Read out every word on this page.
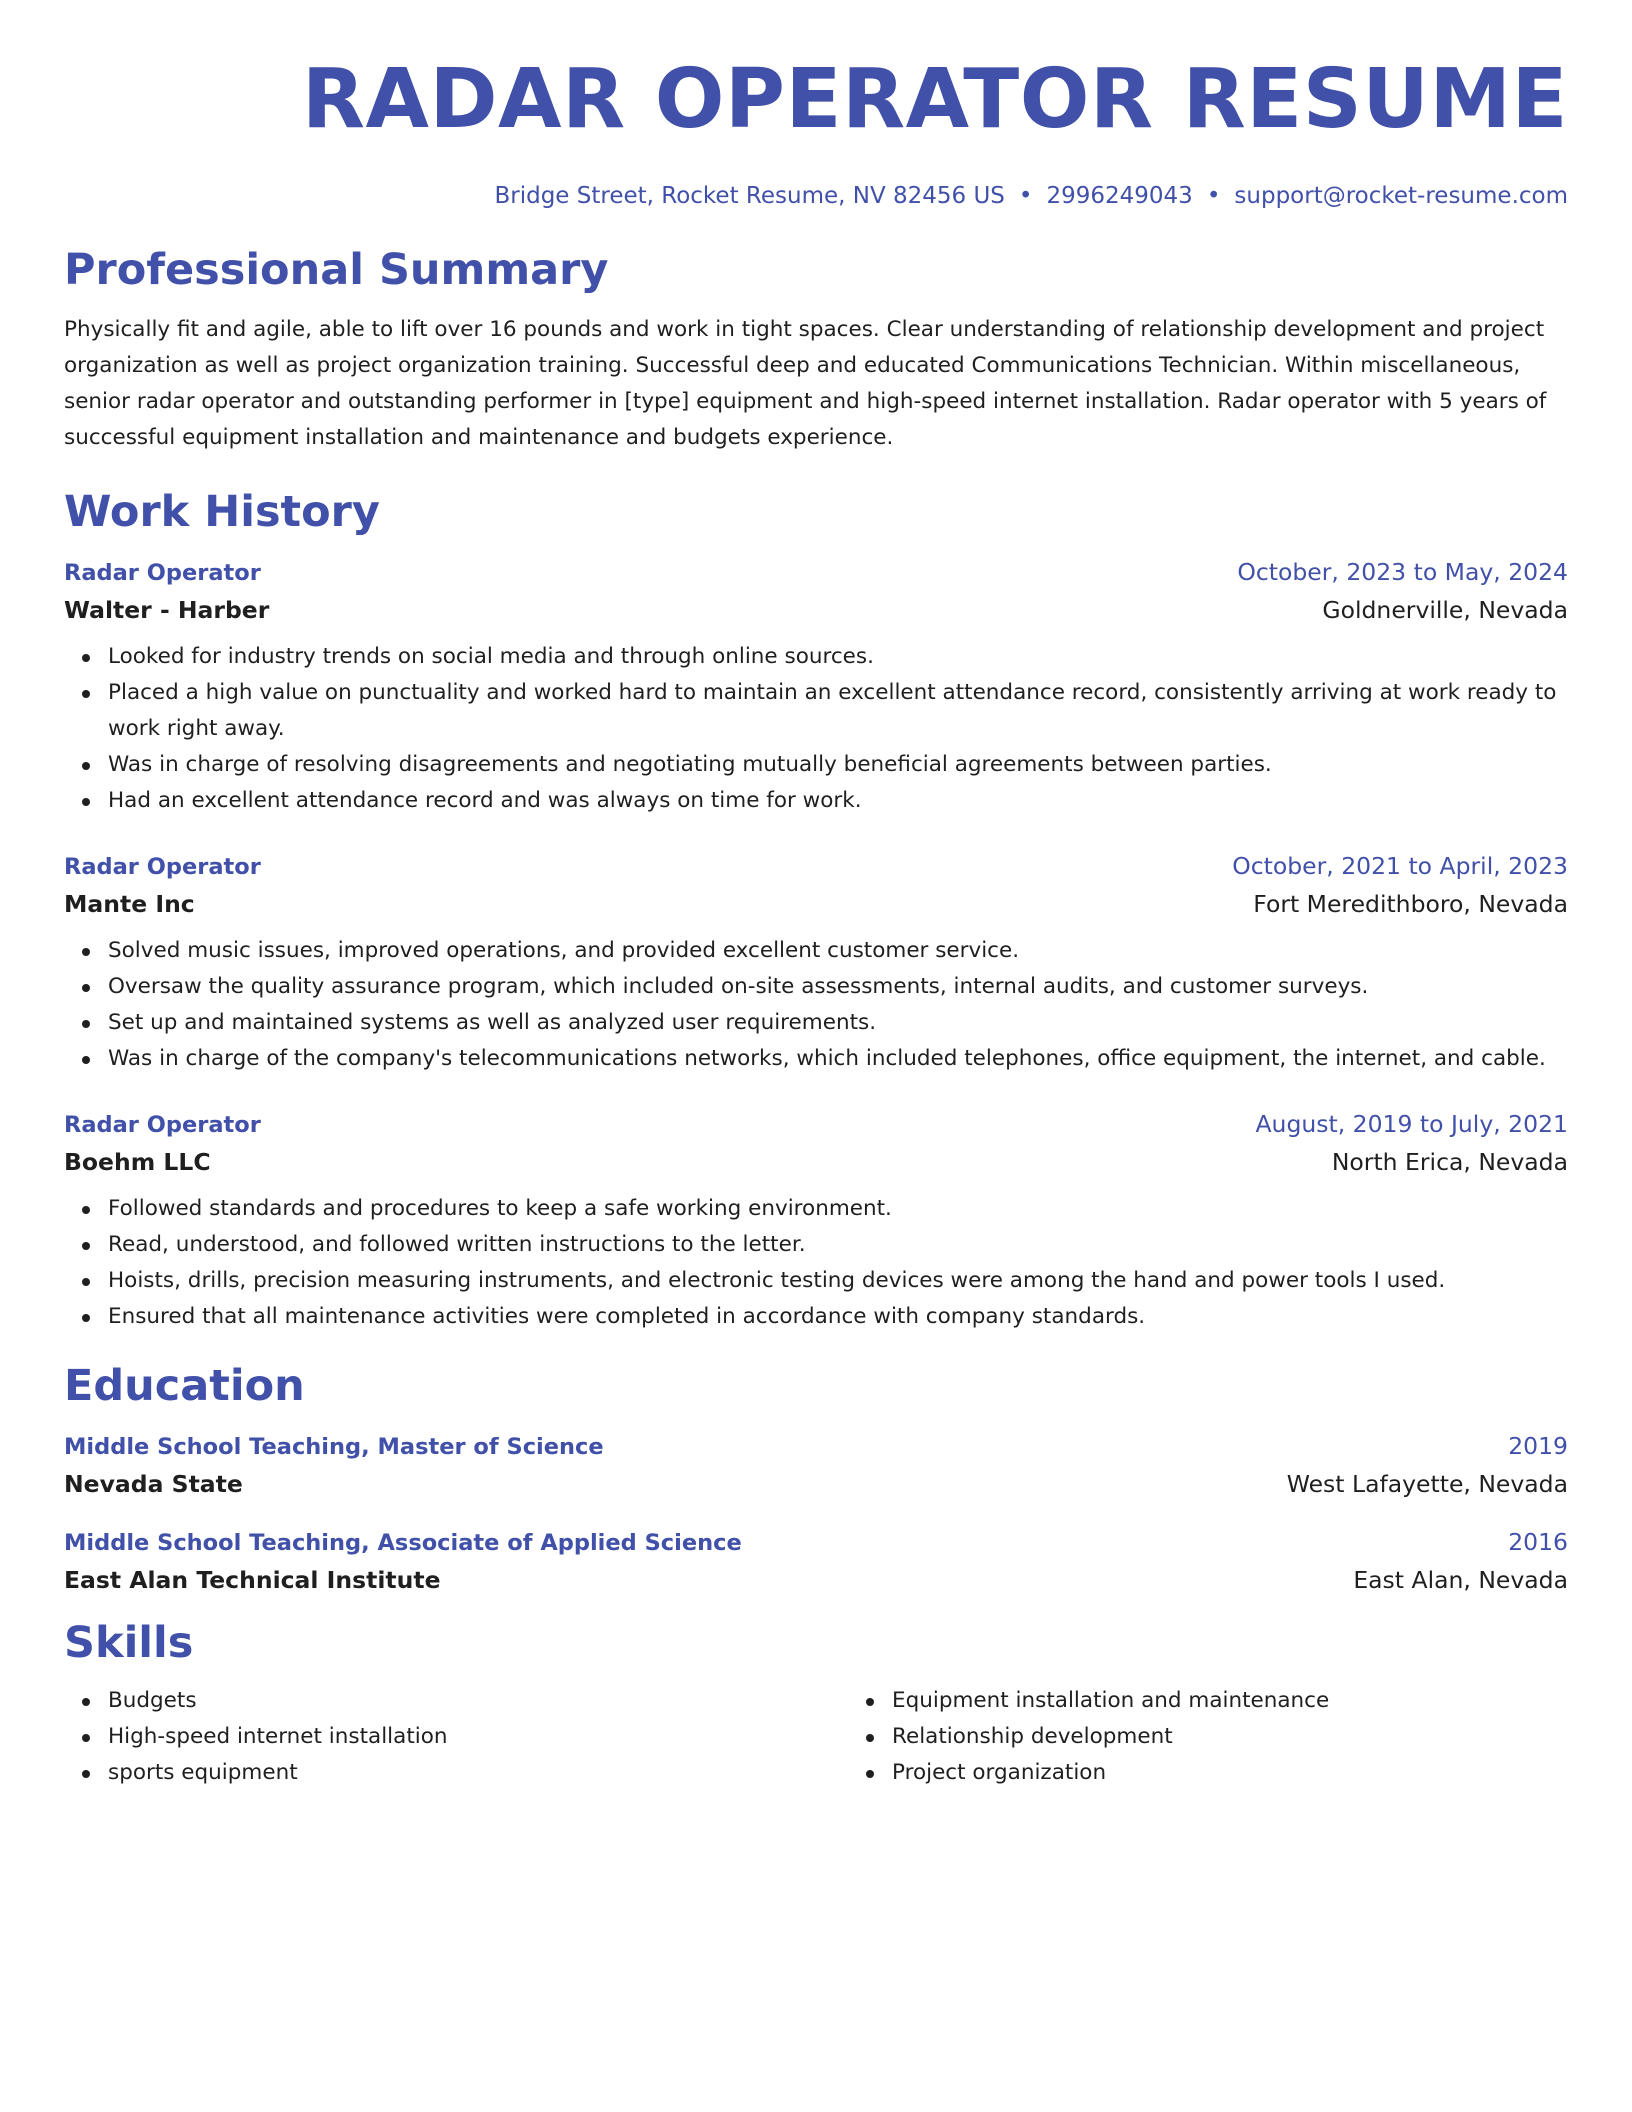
RADAR OPERATOR RESUME
Bridge Street, Rocket Resume, NV 82456 US • 2996249043 • support@rocket-resume.com
Professional Summary

Physically fit and agile, able to lift over 16 pounds and work in tight spaces. Clear understanding of relationship development and project organization as well as project organization training. Successful deep and educated Communications Technician. Within miscellaneous, senior radar operator and outstanding performer in [type] equipment and high-speed internet installation. Radar operator with 5 years of successful equipment installation and maintenance and budgets experience.

Work History
Radar Operator	October, 2023 to May, 2024
Walter - Harber	Goldnerville, Nevada
Looked for industry trends on social media and through online sources.
Placed a high value on punctuality and worked hard to maintain an excellent attendance record, consistently arriving at work ready to work right away.
Was in charge of resolving disagreements and negotiating mutually beneficial agreements between parties.
Had an excellent attendance record and was always on time for work.
Radar Operator	October, 2021 to April, 2023
Mante Inc	Fort Meredithboro, Nevada
Solved music issues, improved operations, and provided excellent customer service.
Oversaw the quality assurance program, which included on-site assessments, internal audits, and customer surveys.
Set up and maintained systems as well as analyzed user requirements.
Was in charge of the company's telecommunications networks, which included telephones, office equipment, the internet, and cable.
Radar Operator	August, 2019 to July, 2021
Boehm LLC	North Erica, Nevada
Followed standards and procedures to keep a safe working environment.
Read, understood, and followed written instructions to the letter.
Hoists, drills, precision measuring instruments, and electronic testing devices were among the hand and power tools I used.
Ensured that all maintenance activities were completed in accordance with company standards.
Education
Middle School Teaching, Master of Science	2019
Nevada State	West Lafayette, Nevada
Middle School Teaching, Associate of Applied Science	2016
East Alan Technical Institute	East Alan, Nevada
Skills
Budgets
High-speed internet installation
sports equipment
Equipment installation and maintenance
Relationship development
Project organization
